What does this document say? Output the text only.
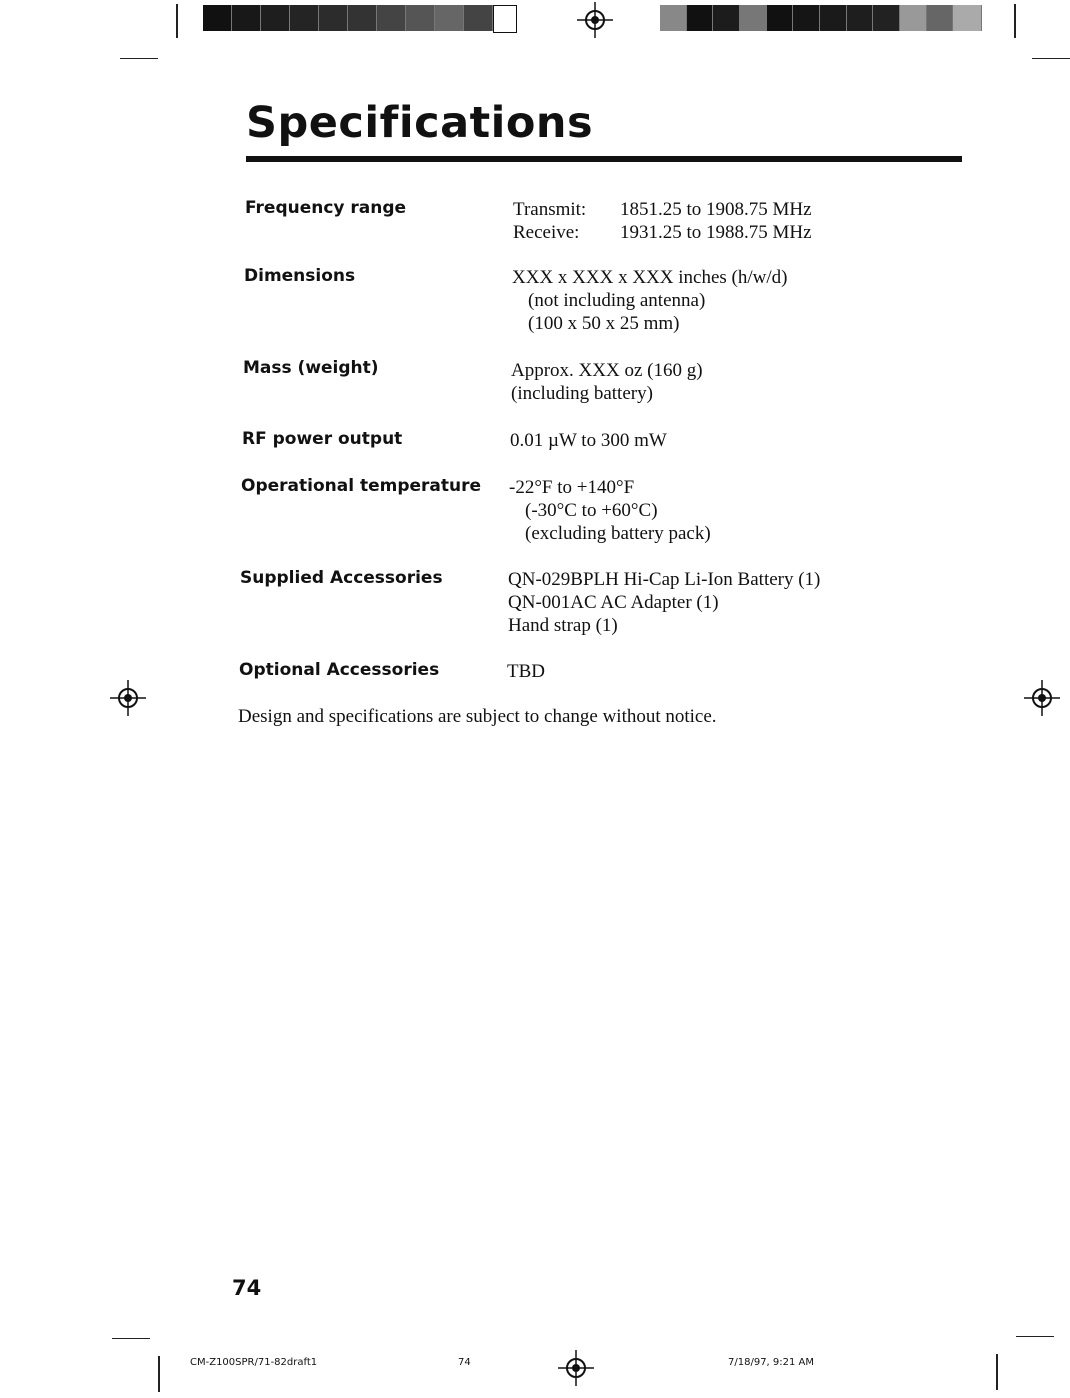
Specifications
Frequency range	Transmit:	1851.25 to 1908.75 MHz
Receive:	1931.25 to 1988.75 MHz
Dimensions	XXX x XXX x XXX inches (h/w/d)
(not including antenna)
(100 x 50 x 25 mm)
Mass (weight)	Approx. XXX oz (160 g)
(including battery)
RF power output	0.01 µW to 300 mW
Operational temperature -22°F to +140°F
(-30°C to +60°C)
(excluding battery pack)
Supplied Accessories	QN-029BPLH Hi-Cap Li-Ion Battery (1)
QN-001AC AC Adapter (1)
Hand strap (1)
Optional Accessories	TBD
Design and specifications are subject to change without notice.
74
CM-Z100SPR/71-82draft1	74	7/18/97, 9:21 AM
